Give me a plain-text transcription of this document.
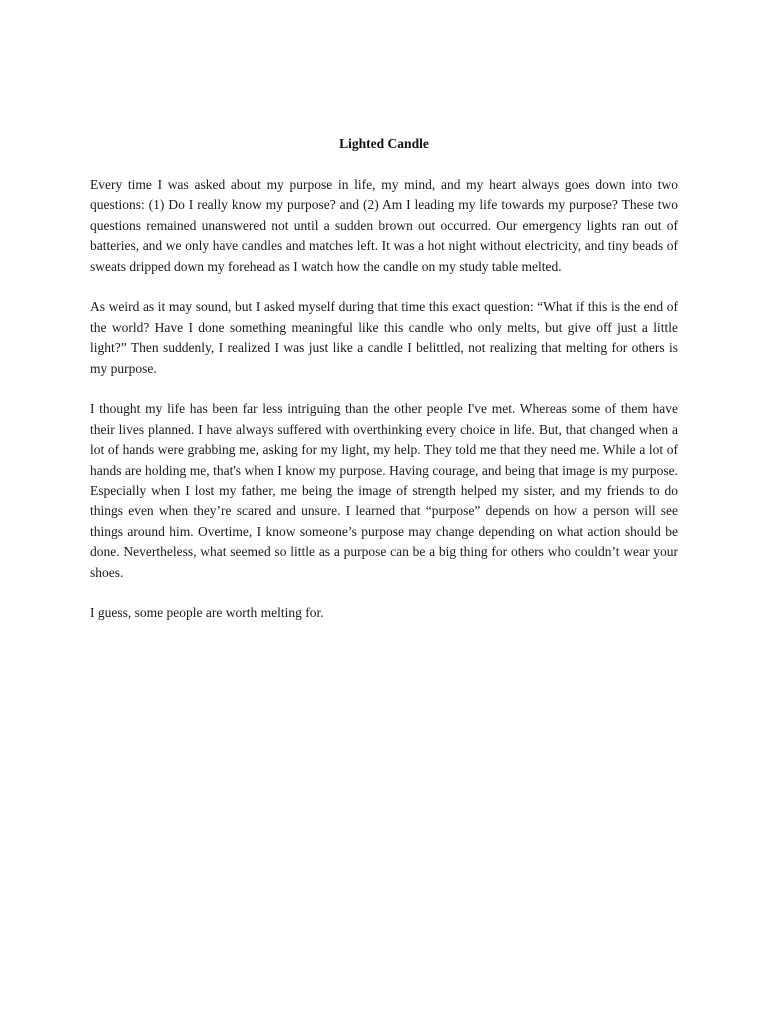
Lighted Candle

Every time I was asked about my purpose in life, my mind, and my heart always goes down into two questions: (1) Do I really know my purpose? and (2) Am I leading my life towards my purpose? These two questions remained unanswered not until a sudden brown out occurred. Our emergency lights ran out of batteries, and we only have candles and matches left. It was a hot night without electricity, and tiny beads of sweats dripped down my forehead as I watch how the candle on my study table melted.

As weird as it may sound, but I asked myself during that time this exact question: “What if this is the end of the world? Have I done something meaningful like this candle who only melts, but give off just a little light?” Then suddenly, I realized I was just like a candle I belittled, not realizing that melting for others is my purpose.

I thought my life has been far less intriguing than the other people I've met. Whereas some of them have their lives planned. I have always suffered with overthinking every choice in life. But, that changed when a lot of hands were grabbing me, asking for my light, my help. They told me that they need me. While a lot of hands are holding me, that's when I know my purpose. Having courage, and being that image is my purpose. Especially when I lost my father, me being the image of strength helped my sister, and my friends to do things even when they’re scared and unsure. I learned that “purpose” depends on how a person will see things around him. Overtime, I know someone’s purpose may change depending on what action should be done. Nevertheless, what seemed so little as a purpose can be a big thing for others who couldn’t wear your shoes.

I guess, some people are worth melting for.
